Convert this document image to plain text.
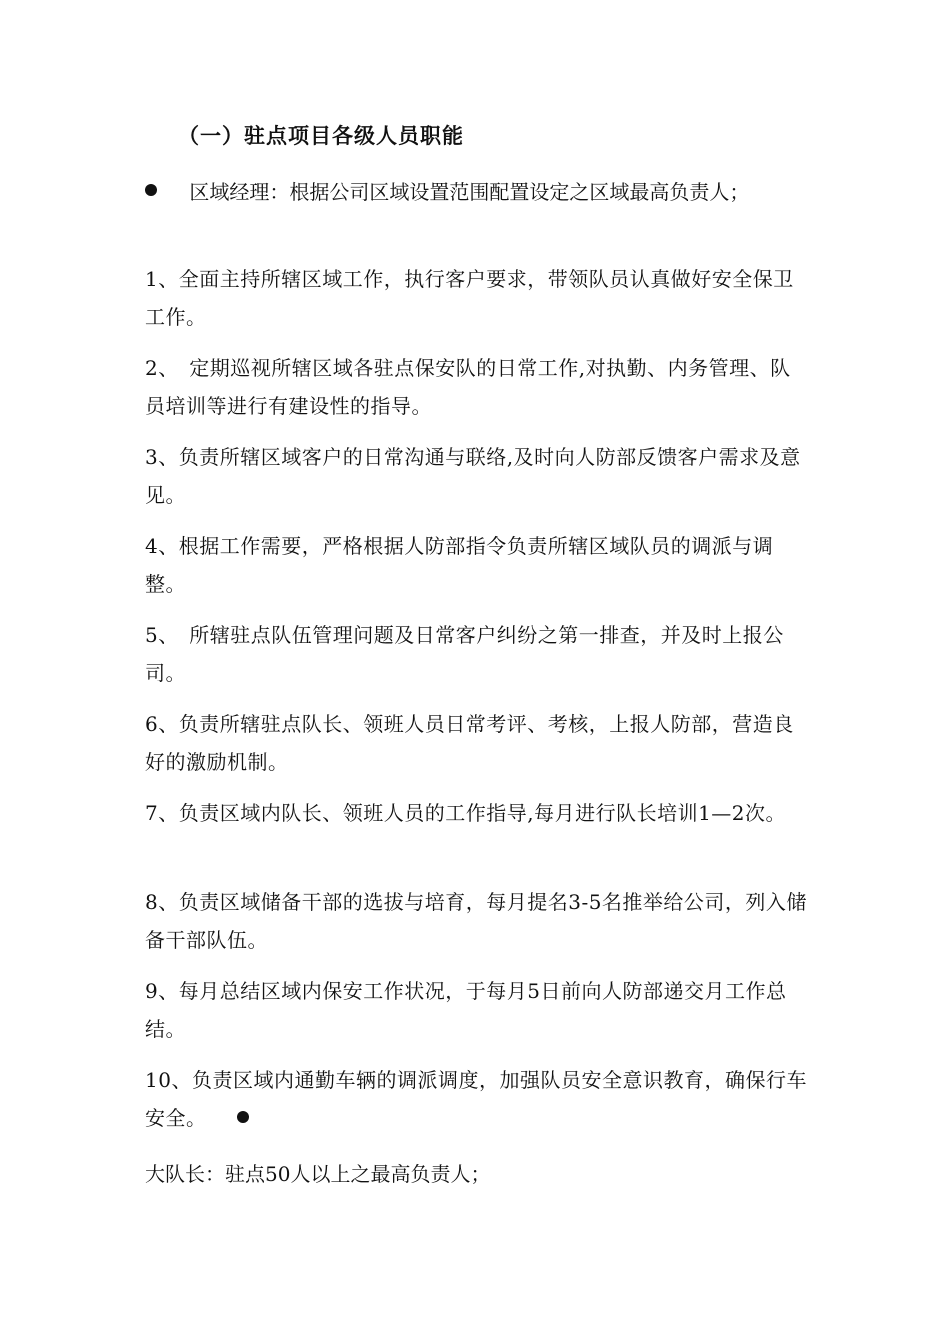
（一）驻点项目各级人员职能
区域经理：根据公司区域设置范围配置设定之区域最高负责人；
1、全面主持所辖区域工作，执行客户要求，带领队员认真做好安全保卫工作。
2、　定期巡视所辖区域各驻点保安队的日常工作,对执勤、内务管理、队员培训等进行有建设性的指导。
3、负责所辖区域客户的日常沟通与联络,及时向人防部反馈客户需求及意见。
4、根据工作需要，严格根据人防部指令负责所辖区域队员的调派与调整。
5、　所辖驻点队伍管理问题及日常客户纠纷之第一排查，并及时上报公司。
6、负责所辖驻点队长、领班人员日常考评、考核，上报人防部，营造良好的激励机制。
7、负责区域内队长、领班人员的工作指导,每月进行队长培训1—2次。
8、负责区域储备干部的选拔与培育，每月提名3-5名推举给公司，列入储备干部队伍。
9、每月总结区域内保安工作状况，于每月5日前向人防部递交月工作总结。
10、负责区域内通勤车辆的调派调度，加强队员安全意识教育，确保行车安全。
大队长：驻点50人以上之最高负责人；
